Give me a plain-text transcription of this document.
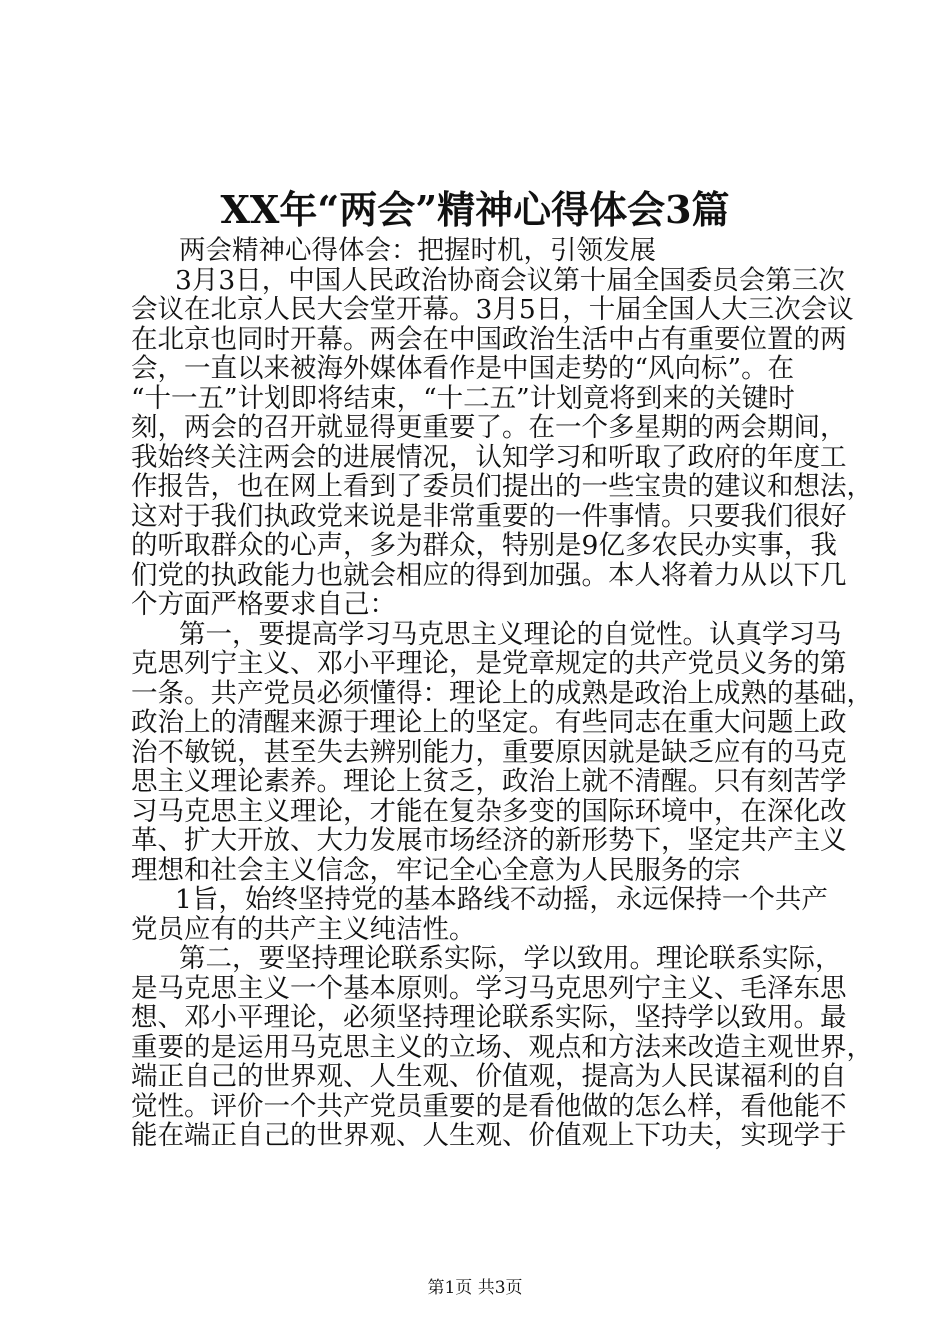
XX年“两会”精神心得体会3篇
两会精神心得体会：把握时机，引领发展
3月3日，中国人民政治协商会议第十届全国委员会第三次
会议在北京人民大会堂开幕。3月5日，十届全国人大三次会议
在北京也同时开幕。两会在中国政治生活中占有重要位置的两
会，一直以来被海外媒体看作是中国走势的“风向标”。在
“十一五”计划即将结束，“十二五”计划竟将到来的关键时
刻，两会的召开就显得更重要了。在一个多星期的两会期间，
我始终关注两会的进展情况，认知学习和听取了政府的年度工
作报告，也在网上看到了委员们提出的一些宝贵的建议和想法，
这对于我们执政党来说是非常重要的一件事情。只要我们很好
的听取群众的心声，多为群众，特别是9亿多农民办实事，我
们党的执政能力也就会相应的得到加强。本人将着力从以下几
个方面严格要求自己：
第一，要提高学习马克思主义理论的自觉性。认真学习马
克思列宁主义、邓小平理论，是党章规定的共产党员义务的第
一条。共产党员必须懂得：理论上的成熟是政治上成熟的基础，
政治上的清醒来源于理论上的坚定。有些同志在重大问题上政
治不敏锐，甚至失去辨别能力，重要原因就是缺乏应有的马克
思主义理论素养。理论上贫乏，政治上就不清醒。只有刻苦学
习马克思主义理论，才能在复杂多变的国际环境中，在深化改
革、扩大开放、大力发展市场经济的新形势下，坚定共产主义
理想和社会主义信念，牢记全心全意为人民服务的宗
1旨，始终坚持党的基本路线不动摇，永远保持一个共产
党员应有的共产主义纯洁性。
第二，要坚持理论联系实际，学以致用。理论联系实际，
是马克思主义一个基本原则。学习马克思列宁主义、毛泽东思
想、邓小平理论，必须坚持理论联系实际，坚持学以致用。最
重要的是运用马克思主义的立场、观点和方法来改造主观世界，
端正自己的世界观、人生观、价值观，提高为人民谋福利的自
觉性。评价一个共产党员重要的是看他做的怎么样，看他能不
能在端正自己的世界观、人生观、价值观上下功夫，实现学于
第1页 共3页
